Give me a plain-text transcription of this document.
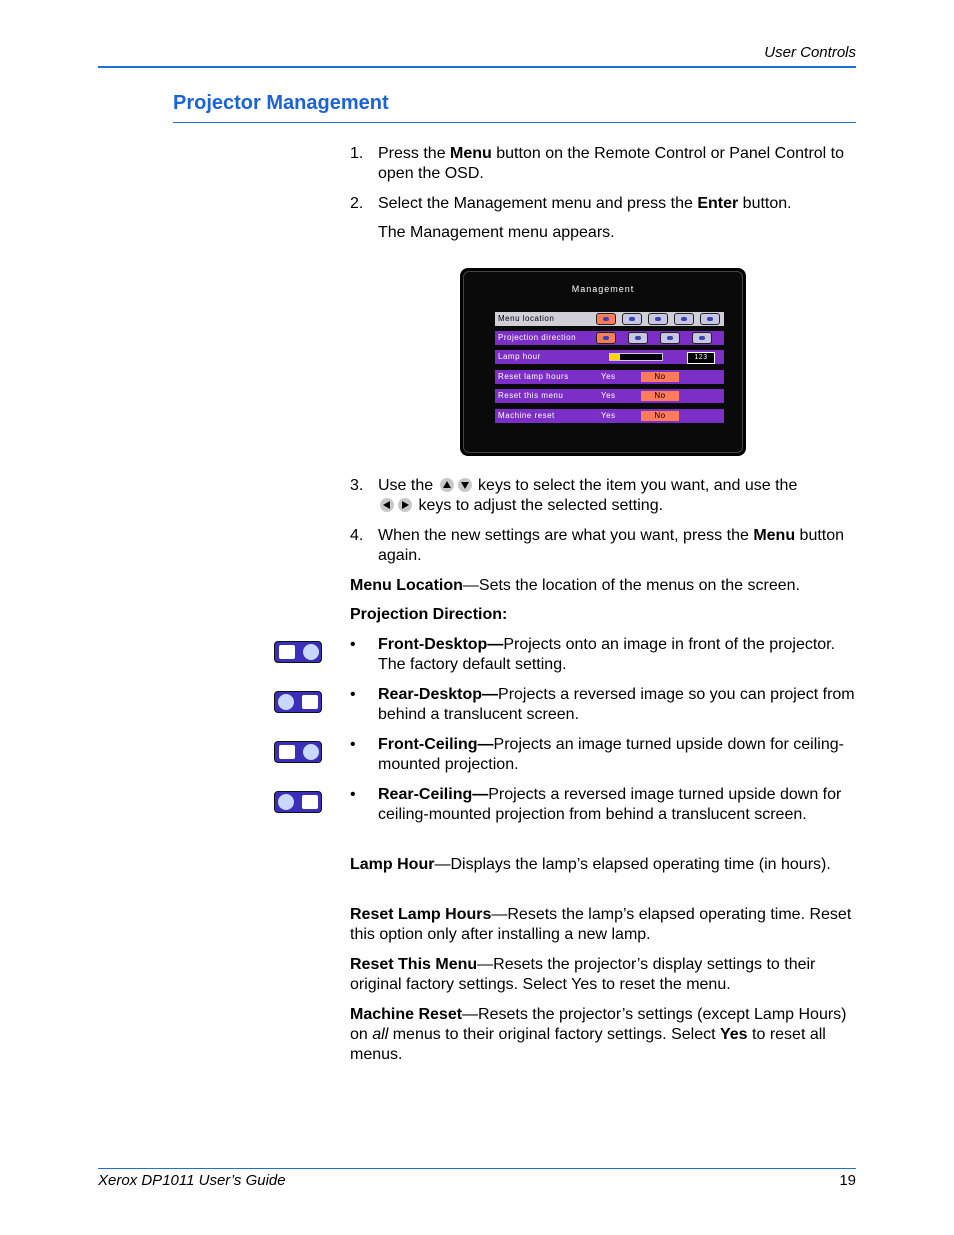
User Controls
Projector Management
1. Press the Menu button on the Remote Control or Panel Control to open the OSD.
2. Select the Management menu and press the Enter button.
The Management menu appears.
Management
Menu location
Projection direction
Lamp hour	123
Reset lamp hours	Yes	No
Reset this menu	Yes	No
Machine reset	Yes	No
3. Use the	keys to select the item you want, and use the
keys to adjust the selected setting.
4. When the new settings are what you want, press the Menu button again.
Menu Location—Sets the location of the menus on the screen.
Projection Direction:
• Front-Desktop—Projects onto an image in front of the projector. The factory default setting.
• Rear-Desktop—Projects a reversed image so you can project from behind a translucent screen.
• Front-Ceiling—Projects an image turned upside down for ceiling-mounted projection.
• Rear-Ceiling—Projects a reversed image turned upside down for ceiling-mounted projection from behind a translucent screen.
Lamp Hour—Displays the lamp’s elapsed operating time (in hours).
Reset Lamp Hours—Resets the lamp’s elapsed operating time. Reset this option only after installing a new lamp.
Reset This Menu—Resets the projector’s display settings to their original factory settings. Select Yes to reset the menu.
Machine Reset—Resets the projector’s settings (except Lamp Hours) on all menus to their original factory settings. Select Yes to reset all menus.
Xerox DP1011 User’s Guide	19
